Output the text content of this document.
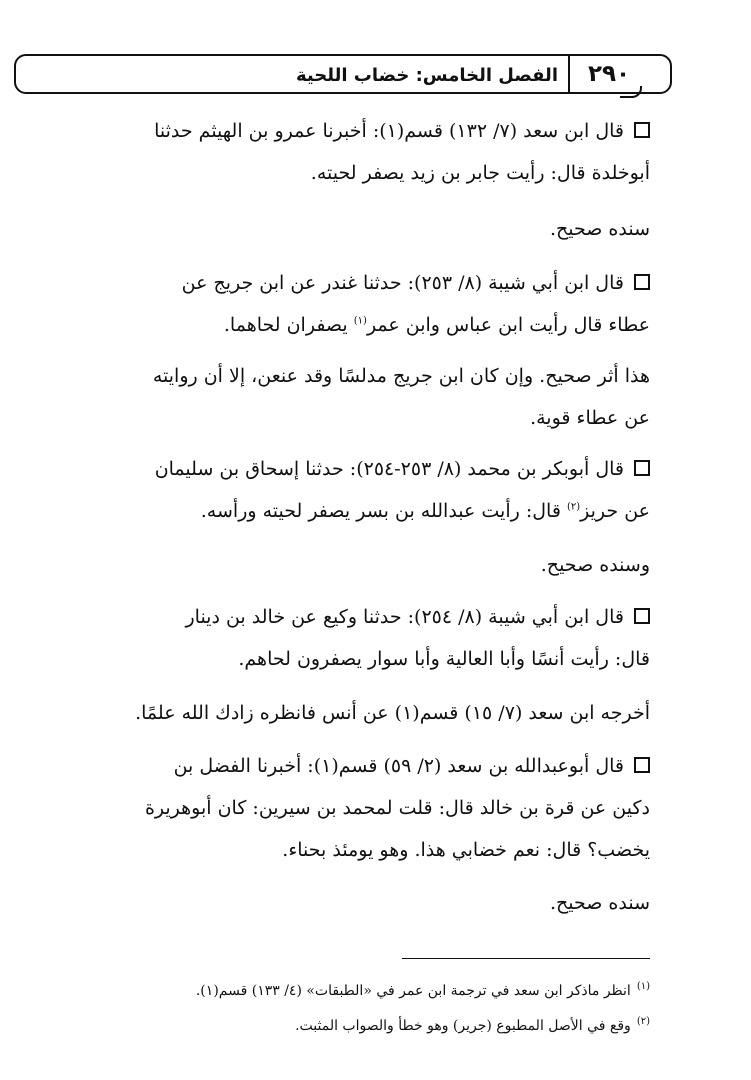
٢٩٠
الفصل الخامس: خضاب اللحية
قال ابن سعد (٧/ ١٣٢) قسم(١): أخبرنا عمرو بن الهيثم حدثنا
أبوخلدة قال: رأيت جابر بن زيد يصفر لحيته.
سنده صحيح.
قال ابن أبي شيبة (٨/ ٢٥٣): حدثنا غندر عن ابن جريج عن
عطاء قال رأيت ابن عباس وابن عمر$^{(١)}$ يصفران لحاهما.
هذا أثر صحيح. وإن كان ابن جريج مدلسًا وقد عنعن، إلا أن روايته
عن عطاء قوية.
قال أبوبكر بن محمد (٨/ ٢٥٣-٢٥٤): حدثنا إسحاق بن سليمان
عن حريز$^{(٢)}$ قال: رأيت عبدالله بن بسر يصفر لحيته ورأسه.
وسنده صحيح.
قال ابن أبي شيبة (٨/ ٢٥٤): حدثنا وكيع عن خالد بن دينار
قال: رأيت أنسًا وأبا العالية وأبا سوار يصفرون لحاهم.
أخرجه ابن سعد (٧/ ١٥) قسم(١) عن أنس فانظره زادك الله علمًا.
قال أبوعبدالله بن سعد (٢/ ٥٩) قسم(١): أخبرنا الفضل بن
دكين عن قرة بن خالد قال: قلت لمحمد بن سيرين: كان أبوهريرة
يخضب؟ قال: نعم خضابي هذا. وهو يومئذ بحناء.
سنده صحيح.
$^{(١)}$انظر ماذكر ابن سعد في ترجمة ابن عمر في «الطبقات» (٤/ ١٣٣) قسم(١).
$^{(٢)}$وقع في الأصل المطبوع (جرير) وهو خطأ والصواب المثبت.
